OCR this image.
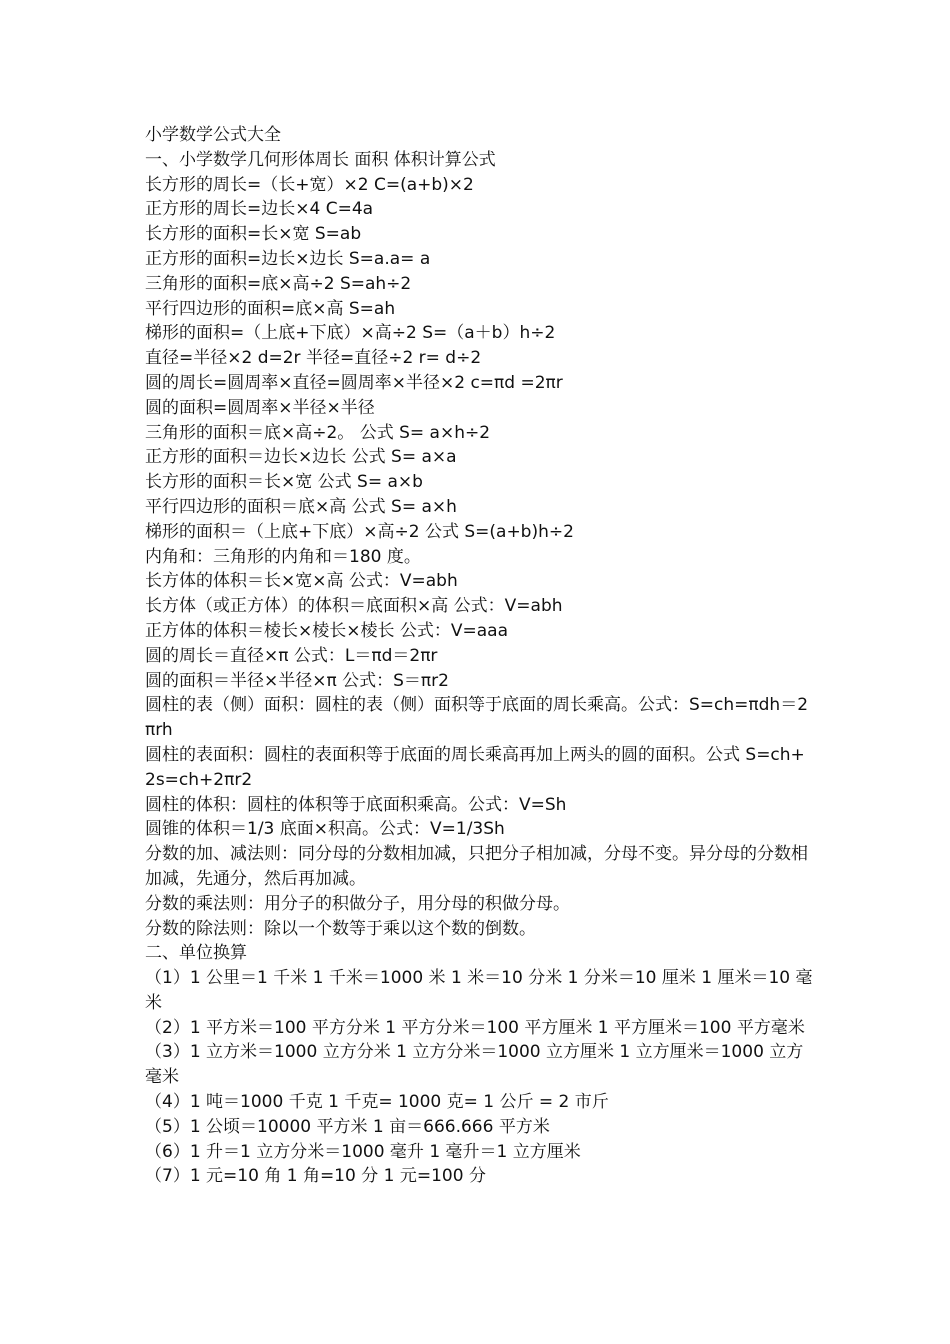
小学数学公式大全

一、小学数学几何形体周长 面积 体积计算公式

长方形的周长=（长+宽）×2 C=(a+b)×2

正方形的周长=边长×4 C=4a

长方形的面积=长×宽 S=ab

正方形的面积=边长×边长 S=a.a= a

三角形的面积=底×高÷2 S=ah÷2

平行四边形的面积=底×高 S=ah

梯形的面积=（上底+下底）×高÷2 S=（a＋b）h÷2

直径=半径×2 d=2r 半径=直径÷2 r= d÷2

圆的周长=圆周率×直径=圆周率×半径×2 c=πd =2πr

圆的面积=圆周率×半径×半径

三角形的面积＝底×高÷2。 公式 S= a×h÷2

正方形的面积＝边长×边长 公式 S= a×a

长方形的面积＝长×宽 公式 S= a×b

平行四边形的面积＝底×高 公式 S= a×h

梯形的面积＝（上底+下底）×高÷2 公式 S=(a+b)h÷2

内角和：三角形的内角和＝180 度。

长方体的体积＝长×宽×高 公式：V=abh

长方体（或正方体）的体积＝底面积×高 公式：V=abh

正方体的体积＝棱长×棱长×棱长 公式：V=aaa

圆的周长＝直径×π 公式：L＝πd＝2πr

圆的面积＝半径×半径×π 公式：S＝πr2

圆柱的表（侧）面积：圆柱的表（侧）面积等于底面的周长乘高。公式：S=ch=πdh＝2πrh

圆柱的表面积：圆柱的表面积等于底面的周长乘高再加上两头的圆的面积。公式 S=ch+2s=ch+2πr2

圆柱的体积：圆柱的体积等于底面积乘高。公式：V=Sh

圆锥的体积＝1/3 底面×积高。公式：V=1/3Sh

分数的加、减法则：同分母的分数相加减，只把分子相加减，分母不变。异分母的分数相加减，先通分，然后再加减。

分数的乘法则：用分子的积做分子，用分母的积做分母。

分数的除法则：除以一个数等于乘以这个数的倒数。

二、单位换算

（1）1 公里＝1 千米 1 千米＝1000 米 1 米＝10 分米 1 分米＝10 厘米 1 厘米＝10 毫米

（2）1 平方米＝100 平方分米 1 平方分米＝100 平方厘米 1 平方厘米＝100 平方毫米

（3）1 立方米＝1000 立方分米 1 立方分米＝1000 立方厘米 1 立方厘米＝1000 立方毫米

（4）1 吨＝1000 千克 1 千克= 1000 克= 1 公斤 = 2 市斤

（5）1 公顷＝10000 平方米 1 亩＝666.666 平方米

（6）1 升＝1 立方分米＝1000 毫升 1 毫升＝1 立方厘米

（7）1 元=10 角 1 角=10 分 1 元=100 分
